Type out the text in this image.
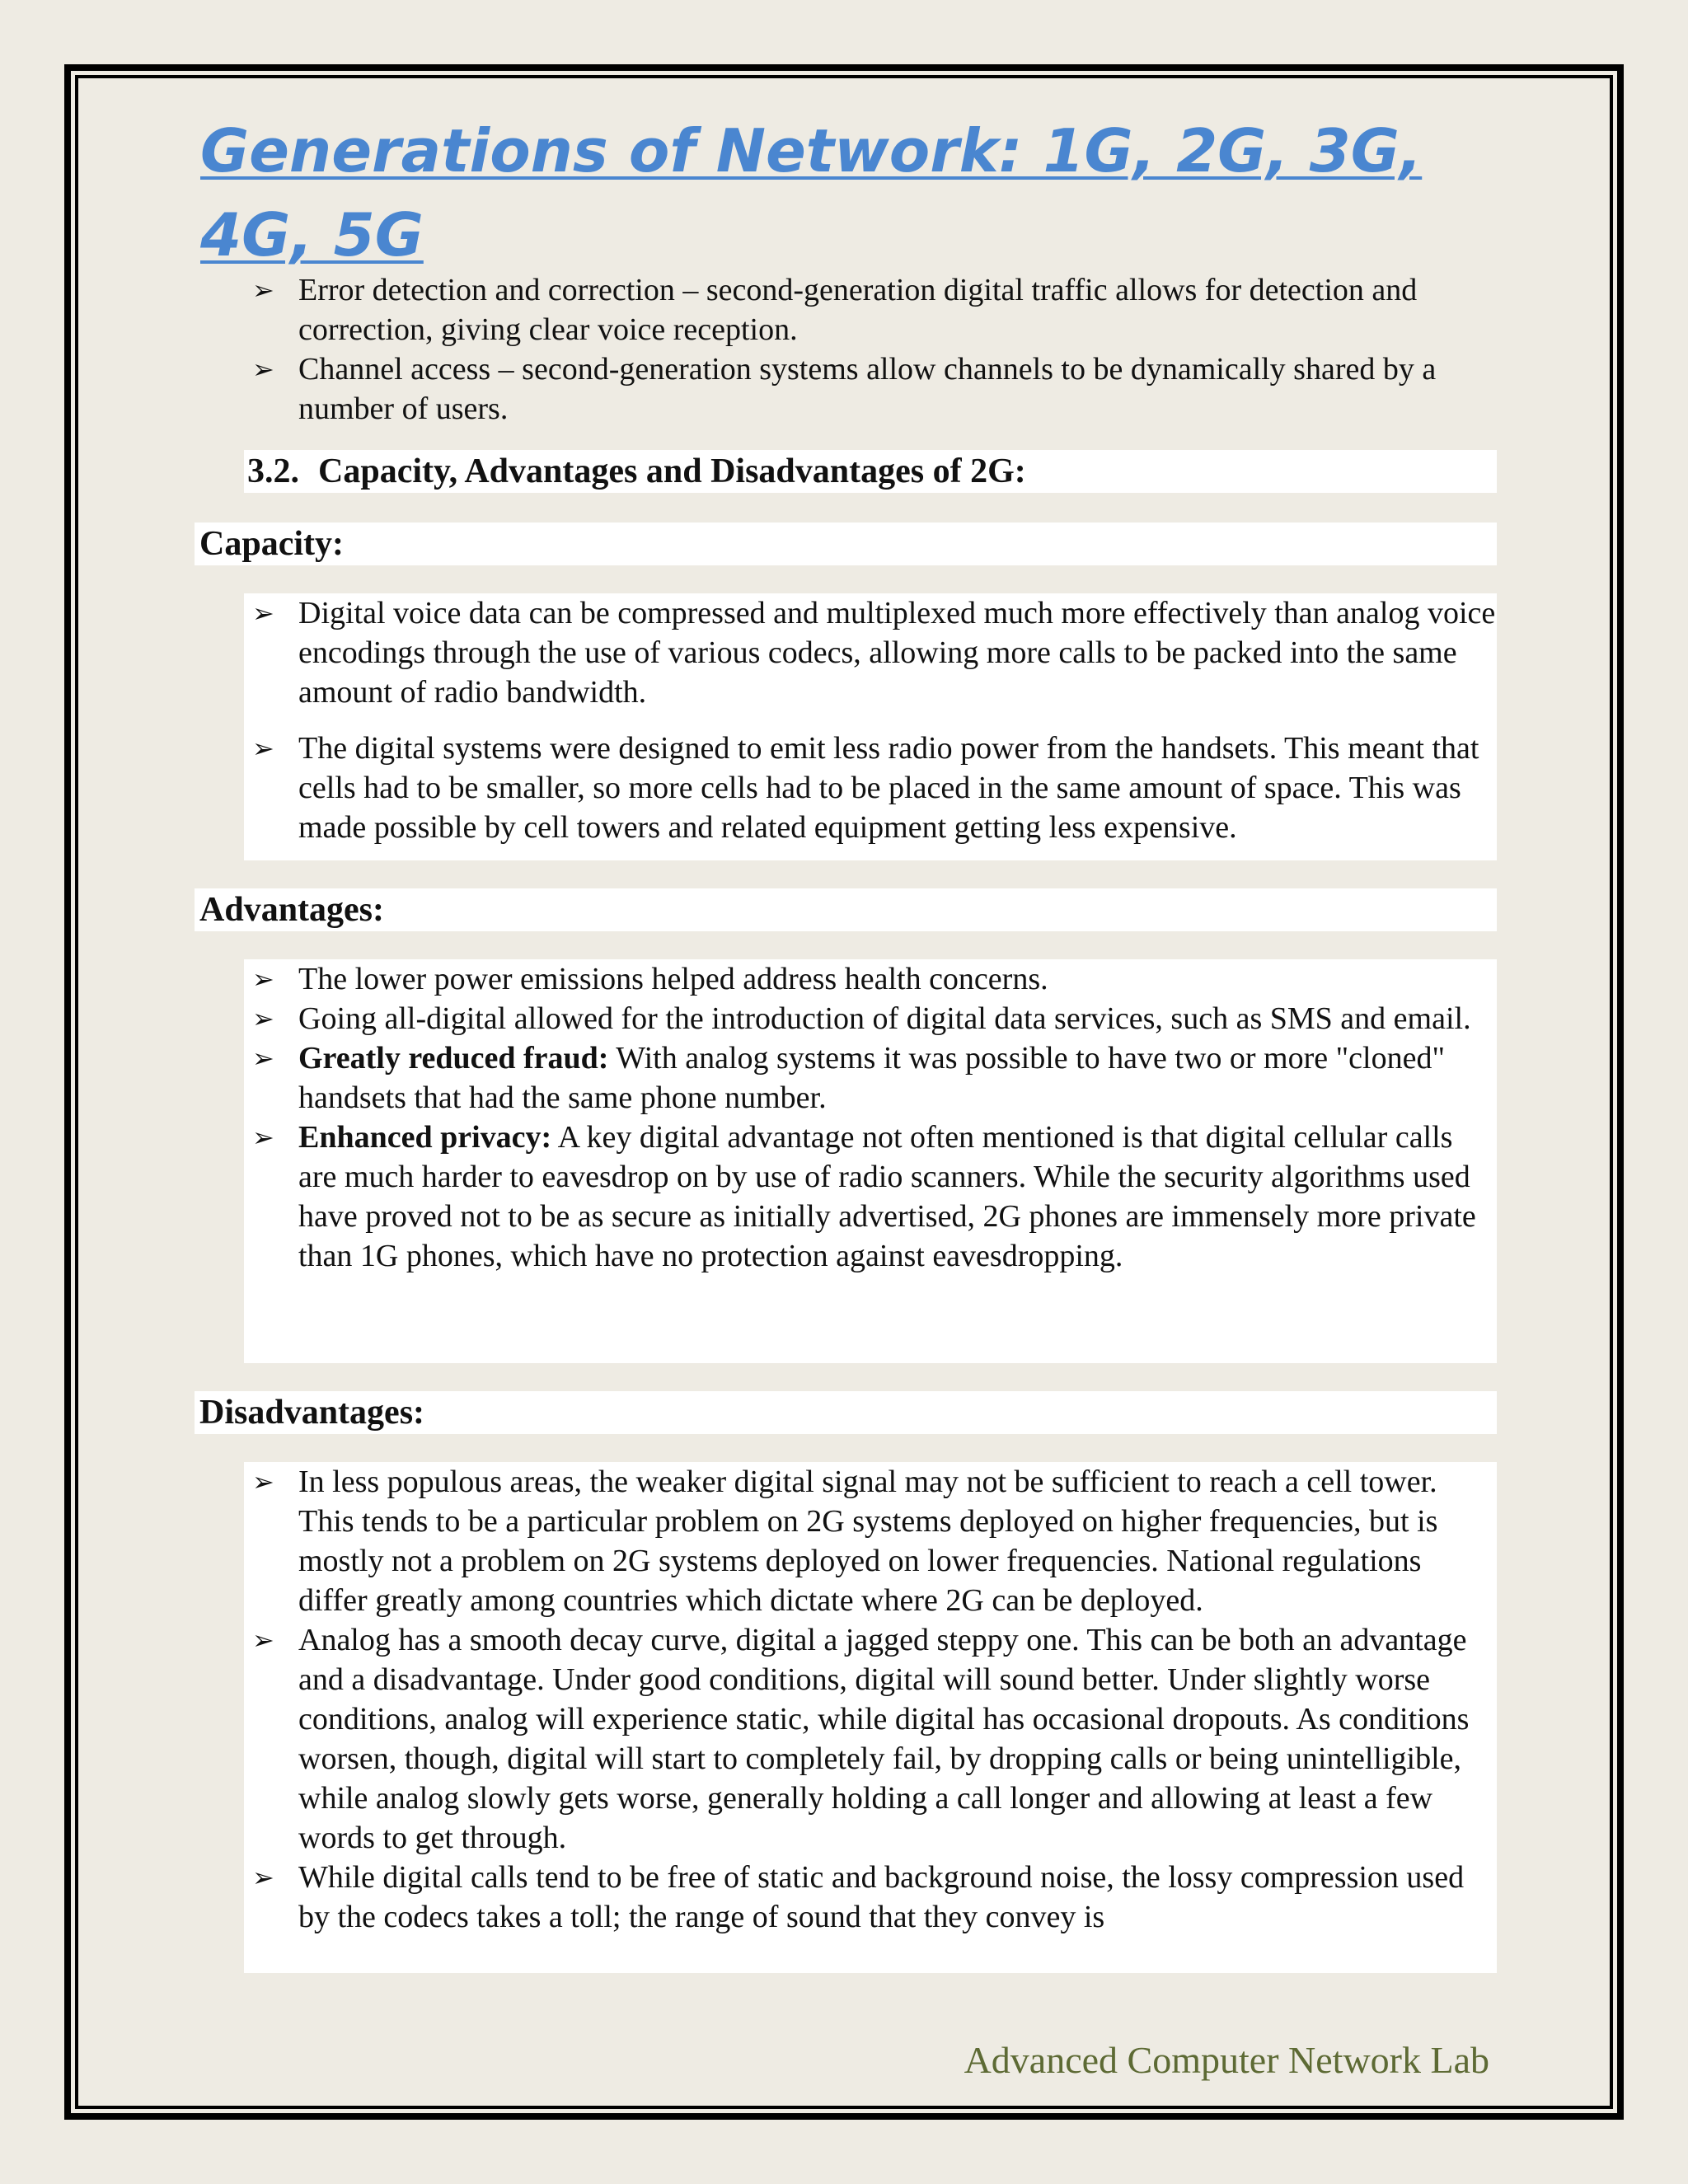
Generations of Network: 1G, 2G, 3G, 4G, 5G
➢ Error detection and correction – second-generation digital traffic allows for detection and correction, giving clear voice reception.
➢ Channel access – second-generation systems allow channels to be dynamically shared by a number of users.
3.2. Capacity, Advantages and Disadvantages of 2G:
Capacity:
➢ Digital voice data can be compressed and multiplexed much more effectively than analog voice encodings through the use of various codecs, allowing more calls to be packed into the same amount of radio bandwidth.
➢ The digital systems were designed to emit less radio power from the handsets. This meant that cells had to be smaller, so more cells had to be placed in the same amount of space. This was made possible by cell towers and related equipment getting less expensive.
Advantages:
➢ The lower power emissions helped address health concerns.
➢ Going all-digital allowed for the introduction of digital data services, such as SMS and email.
➢ Greatly reduced fraud: With analog systems it was possible to have two or more "cloned" handsets that had the same phone number.
➢ Enhanced privacy: A key digital advantage not often mentioned is that digital cellular calls are much harder to eavesdrop on by use of radio scanners. While the security algorithms used have proved not to be as secure as initially advertised, 2G phones are immensely more private than 1G phones, which have no protection against eavesdropping.
Disadvantages:
➢ In less populous areas, the weaker digital signal may not be sufficient to reach a cell tower. This tends to be a particular problem on 2G systems deployed on higher frequencies, but is mostly not a problem on 2G systems deployed on lower frequencies. National regulations differ greatly among countries which dictate where 2G can be deployed.
➢ Analog has a smooth decay curve, digital a jagged steppy one. This can be both an advantage and a disadvantage. Under good conditions, digital will sound better. Under slightly worse conditions, analog will experience static, while digital has occasional dropouts. As conditions worsen, though, digital will start to completely fail, by dropping calls or being unintelligible, while analog slowly gets worse, generally holding a call longer and allowing at least a few words to get through.
➢ While digital calls tend to be free of static and background noise, the lossy compression used by the codecs takes a toll; the range of sound that they convey is
Advanced Computer Network Lab
